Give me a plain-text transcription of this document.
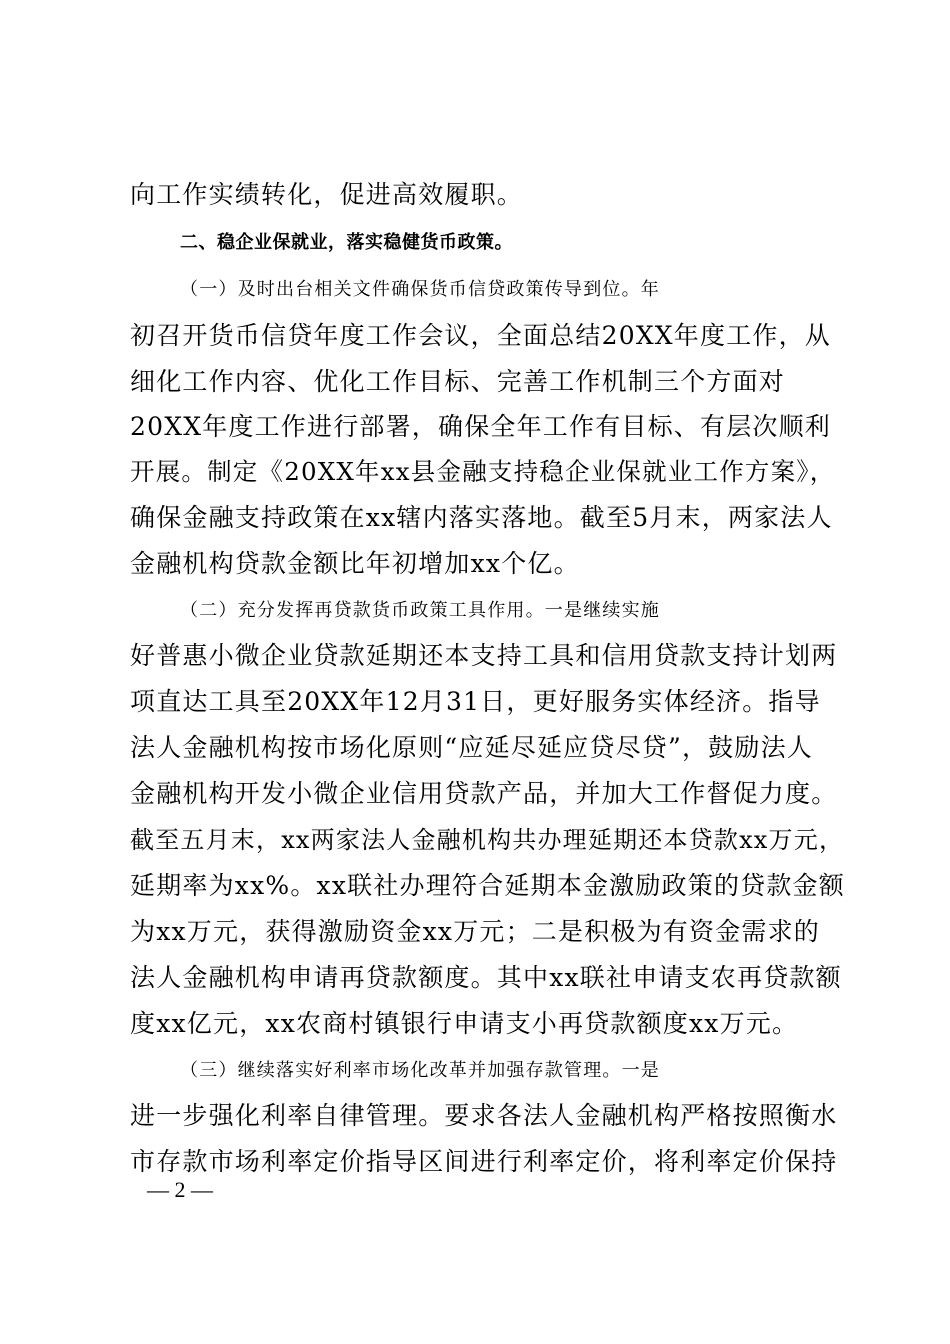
向工作实绩转化，促进高效履职。
二、稳企业保就业，落实稳健货币政策。
（一）及时出台相关文件确保货币信贷政策传导到位。年
初召开货币信贷年度工作会议，全面总结20XX年度工作，从
细化工作内容、优化工作目标、完善工作机制三个方面对
20XX年度工作进行部署，确保全年工作有目标、有层次顺利
开展。制定《20XX年xx县金融支持稳企业保就业工作方案》，
确保金融支持政策在xx辖内落实落地。截至5月末，两家法人
金融机构贷款金额比年初增加xx个亿。
（二）充分发挥再贷款货币政策工具作用。一是继续实施
好普惠小微企业贷款延期还本支持工具和信用贷款支持计划两
项直达工具至20XX年12月31日，更好服务实体经济。指导
法人金融机构按市场化原则“应延尽延应贷尽贷”，鼓励法人
金融机构开发小微企业信用贷款产品，并加大工作督促力度。
截至五月末，xx两家法人金融机构共办理延期还本贷款xx万元，
延期率为xx%。xx联社办理符合延期本金激励政策的贷款金额
为xx万元，获得激励资金xx万元；二是积极为有资金需求的
法人金融机构申请再贷款额度。其中xx联社申请支农再贷款额
度xx亿元，xx农商村镇银行申请支小再贷款额度xx万元。
（三）继续落实好利率市场化改革并加强存款管理。一是
进一步强化利率自律管理。要求各法人金融机构严格按照衡水
市存款市场利率定价指导区间进行利率定价，将利率定价保持
— 2 —
